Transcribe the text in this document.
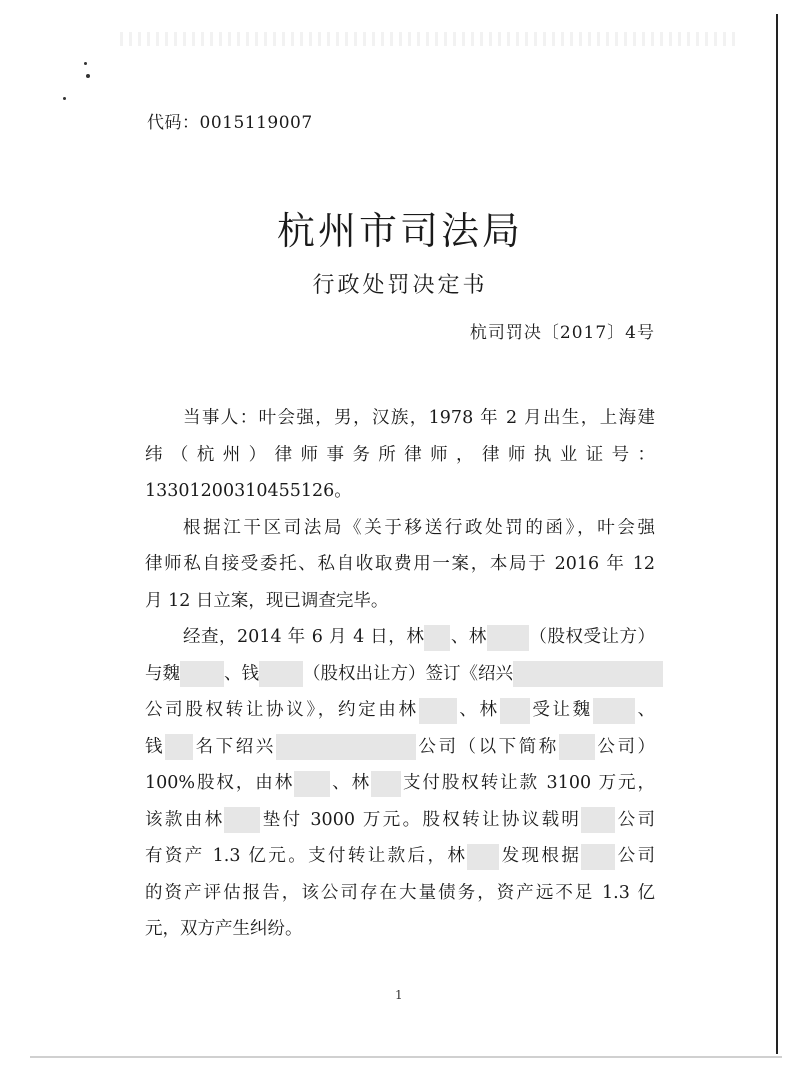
代码：0015119007
杭州市司法局
行政处罚决定书
杭司罚决〔2017〕4号
当事人：叶会强，男，汉族，1978 年 2 月出生，上海建
纬（杭州）律师事务所律师，律师执业证号：
13301200310455126。
根据江干区司法局《关于移送行政处罚的函》，叶会强
律师私自接受委托、私自收取费用一案，本局于 2016 年 12
月 12 日立案，现已调查完毕。
经查，2014 年 6 月 4 日，林 、林 （股权受让方）
与魏	、钱	（股权出让方）签订《绍兴
公司股权转让协议》，约定由林 、林 受让魏 、
钱 名下绍兴	公司（以下简称 公司）
100%股权，由林 、林 支付股权转让款 3100 万元，
该款由林 垫付 3000 万元。股权转让协议载明 公司
有资产 1.3 亿元。支付转让款后，林 发现根据 公司
的资产评估报告，该公司存在大量债务，资产远不足 1.3 亿
元，双方产生纠纷。
1
